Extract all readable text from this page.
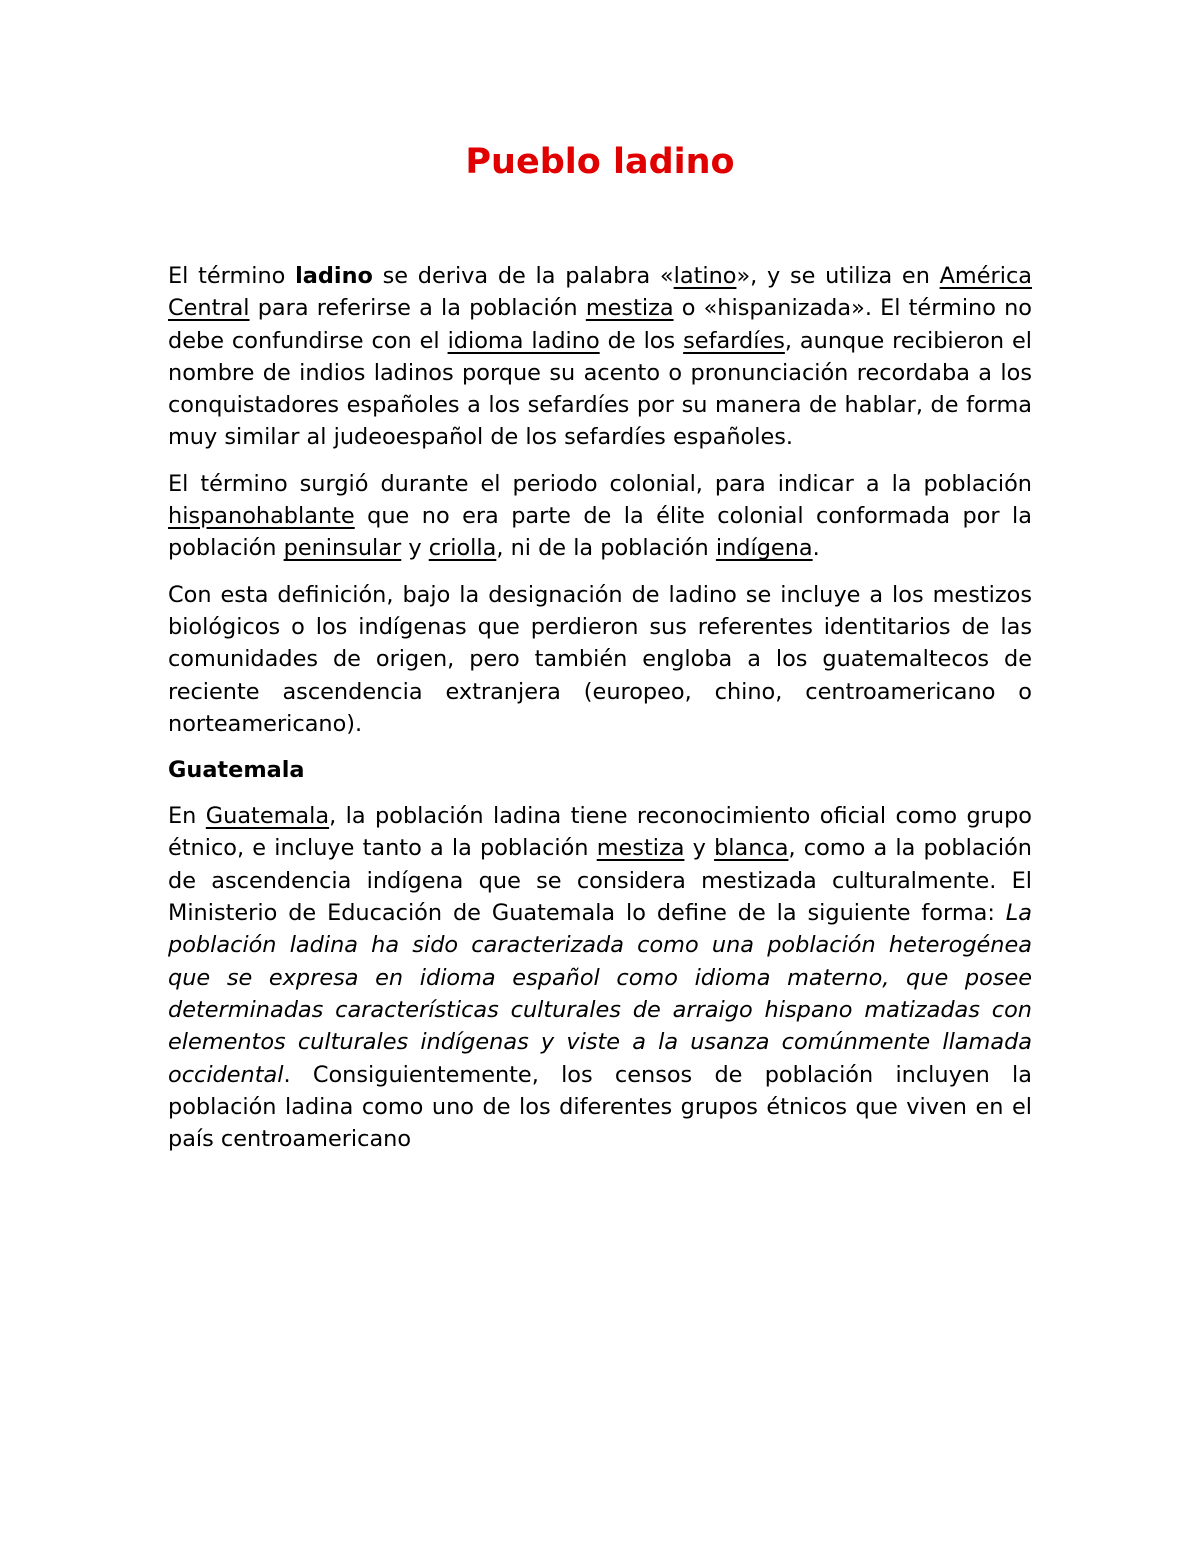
Pueblo ladino

El término ladino se deriva de la palabra «latino», y se utiliza en América Central para referirse a la población mestiza o «hispanizada». El término no debe confundirse con el idioma ladino de los sefardíes, aunque recibieron el nombre de indios ladinos porque su acento o pronunciación recordaba a los conquistadores españoles a los sefardíes por su manera de hablar, de forma muy similar al judeoespañol de los sefardíes españoles.

El término surgió durante el periodo colonial, para indicar a la población hispanohablante que no era parte de la élite colonial conformada por la población peninsular y criolla, ni de la población indígena.

Con esta definición, bajo la designación de ladino se incluye a los mestizos biológicos o los indígenas que perdieron sus referentes identitarios de las comunidades de origen, pero también engloba a los guatemaltecos de reciente ascendencia extranjera (europeo, chino, centroamericano o norteamericano).

Guatemala

En Guatemala, la población ladina tiene reconocimiento oficial como grupo étnico, e incluye tanto a la población mestiza y blanca, como a la población de ascendencia indígena que se considera mestizada culturalmente. El Ministerio de Educación de Guatemala lo define de la siguiente forma: La población ladina ha sido caracterizada como una población heterogénea que se expresa en idioma español como idioma materno, que posee determinadas características culturales de arraigo hispano matizadas con elementos culturales indígenas y viste a la usanza comúnmente llamada occidental. Consiguientemente, los censos de población incluyen la población ladina como uno de los diferentes grupos étnicos que viven en el país centroamericano
